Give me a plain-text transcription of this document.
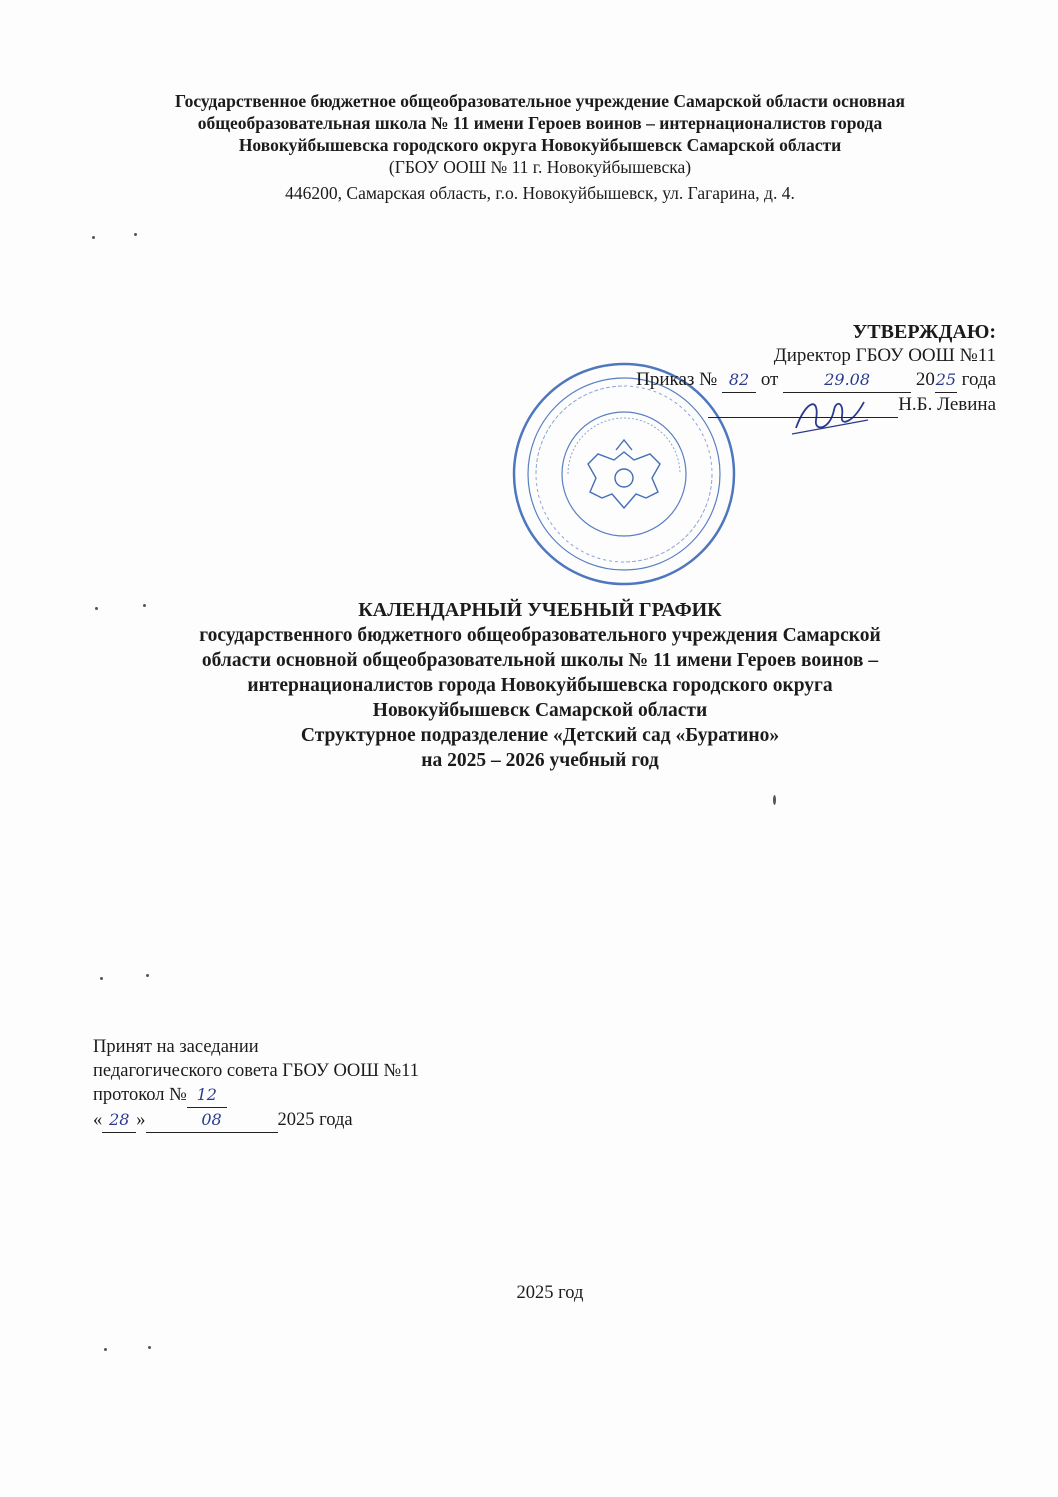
Государственное бюджетное общеобразовательное учреждение Самарской области основная
общеобразовательная школа № 11 имени Героев воинов – интернационалистов города
Новокуйбышевска городского округа Новокуйбышевск Самарской области
(ГБОУ ООШ № 11 г. Новокуйбышевска)
446200, Самарская область, г.о. Новокуйбышевск, ул. Гагарина, д. 4.
УТВЕРЖДАЮ:
Директор ГБОУ ООШ №11
Приказ № 82 от	29.08 2025 года
Н.Б. Левина
КАЛЕНДАРНЫЙ УЧЕБНЫЙ ГРАФИК
государственного бюджетного общеобразовательного учреждения Самарской
области основной общеобразовательной школы № 11 имени Героев воинов –
интернационалистов города Новокуйбышевска городского округа
Новокуйбышевск Самарской области
Структурное подразделение «Детский сад «Буратино»
на 2025 – 2026 учебный год
Принят на заседании
педагогического совета ГБОУ ООШ №11
протокол № 12
« 28 »	08	2025 года
2025 год
